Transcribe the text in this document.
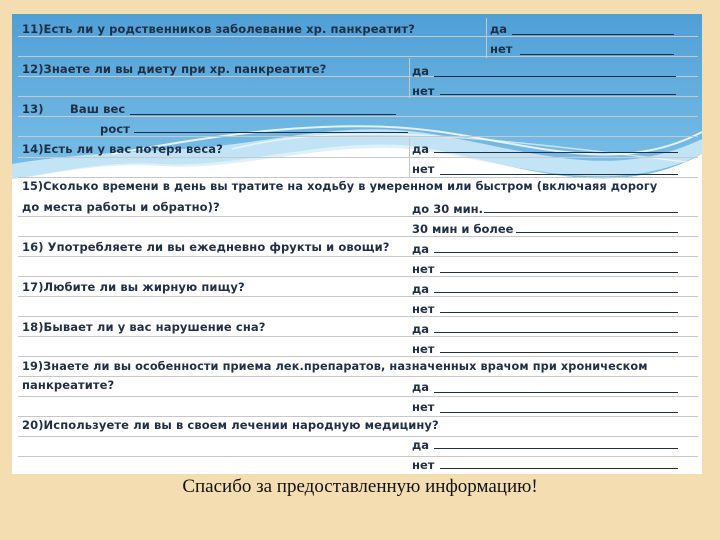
11)Есть ли у родственников заболевание хр. панкреатит?	да
нет
12)Знаете ли вы диету при хр. панкреатите?	да
нет
13) Ваш вес
рост
14)Есть ли у вас потеря веса?	да
нет
15)Сколько времени в день вы тратите на ходьбу в умеренном или быстром (включаяя дорогу
до места работы и обратно)?	до 30 мин.
30 мин и более
16) Употребляете ли вы ежедневно фрукты и овощи? да
нет
17)Любите ли вы жирную пищу?	да
нет
18)Бывает ли у вас нарушение сна?	да
нет
19)Знаете ли вы особенности приема лек.препаратов, назначенных врачом при хроническом
панкреатите?	да
нет
20)Используете ли вы в своем лечении народную медицину?
да
нет
Спасибо за предоставленную информацию!
